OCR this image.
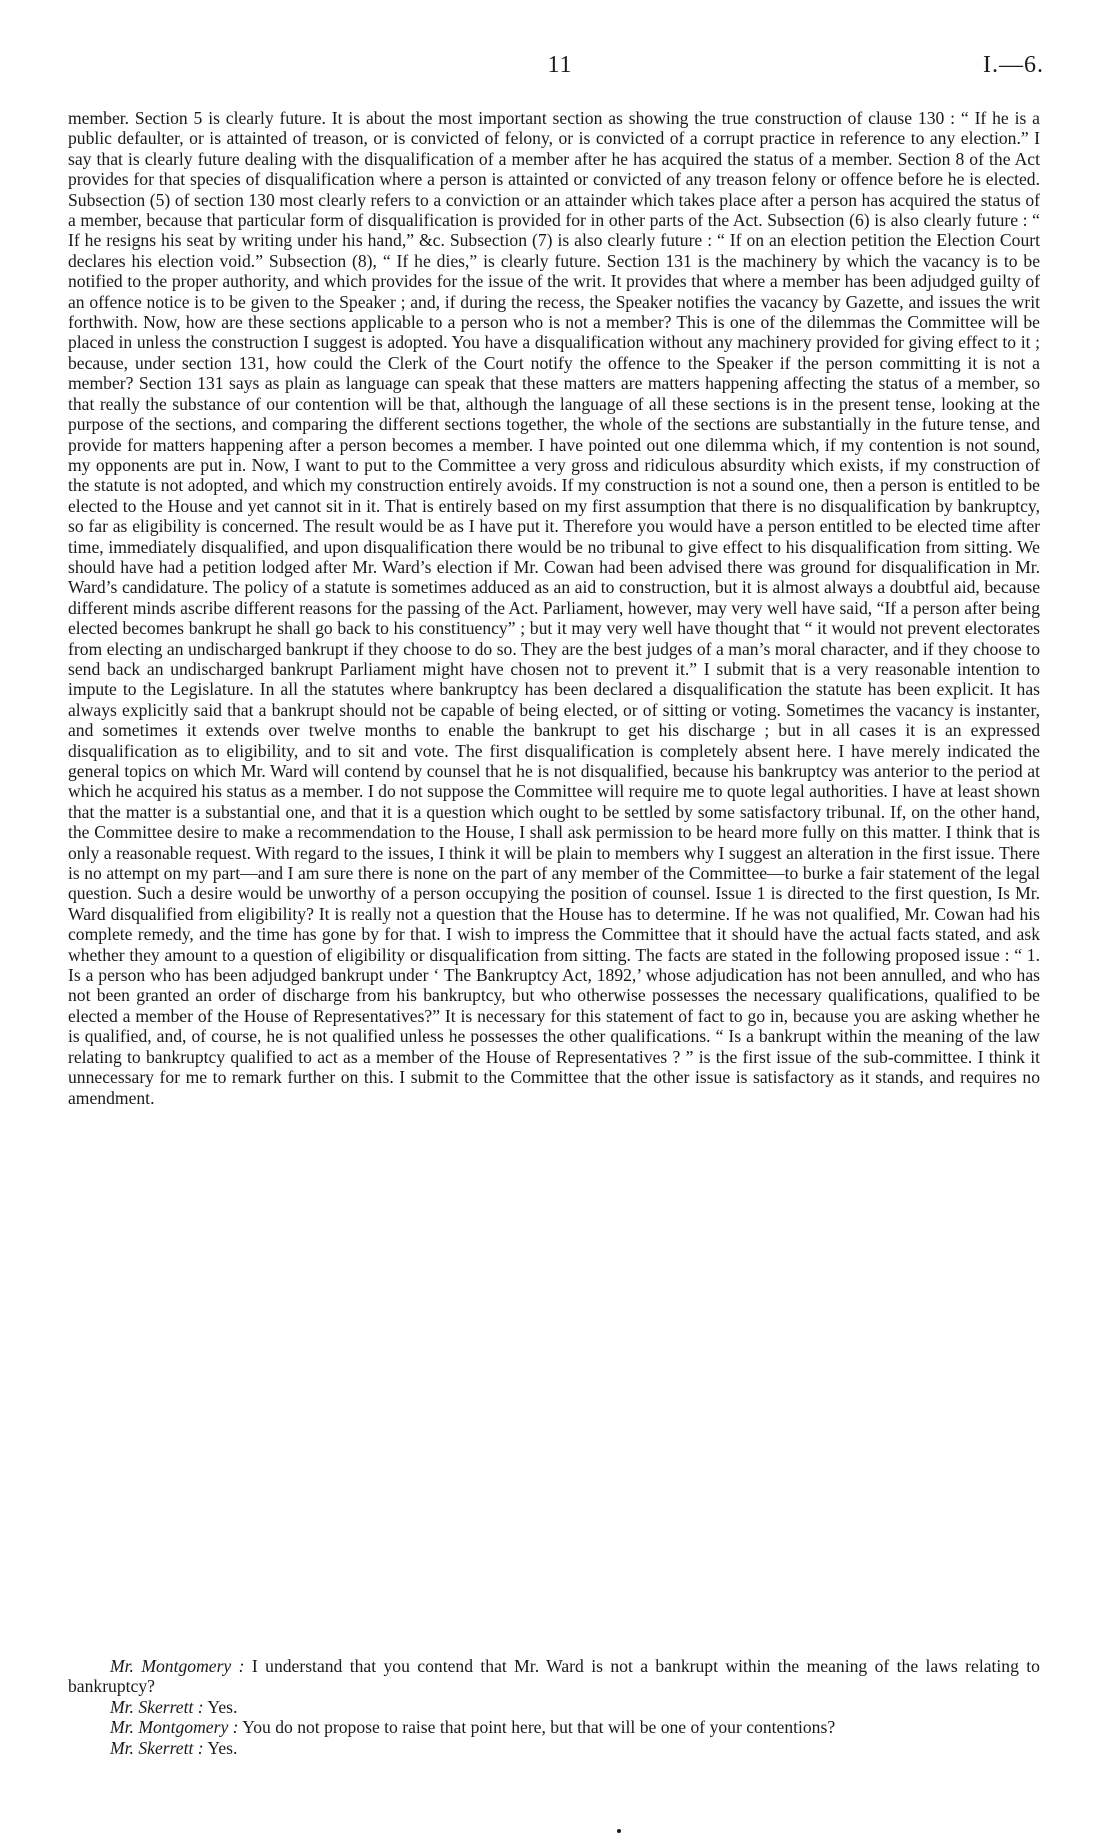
11	I.—6.

member. Section 5 is clearly future. It is about the most important section as showing the true construction of clause 130 : “ If he is a public defaulter, or is attainted of treason, or is convicted of felony, or is convicted of a corrupt practice in reference to any election.” I say that is clearly future dealing with the disqualification of a member after he has acquired the status of a member. Section 8 of the Act provides for that species of disqualification where a person is attainted or convicted of any treason felony or offence before he is elected. Subsection (5) of section 130 most clearly refers to a conviction or an attainder which takes place after a person has acquired the status of a member, because that particular form of disqualification is provided for in other parts of the Act. Subsection (6) is also clearly future : “ If he resigns his seat by writing under his hand,” &c. Subsection (7) is also clearly future : “ If on an election petition the Election Court declares his election void.” Subsection (8), “ If he dies,” is clearly future. Section 131 is the machinery by which the vacancy is to be notified to the proper authority, and which provides for the issue of the writ. It provides that where a member has been adjudged guilty of an offence notice is to be given to the Speaker ; and, if during the recess, the Speaker notifies the vacancy by Gazette, and issues the writ forthwith. Now, how are these sections applicable to a person who is not a member? This is one of the dilemmas the Committee will be placed in unless the construction I suggest is adopted. You have a disqualification without any machinery provided for giving effect to it ; because, under section 131, how could the Clerk of the Court notify the offence to the Speaker if the person committing it is not a member? Section 131 says as plain as language can speak that these matters are matters happening affecting the status of a member, so that really the substance of our contention will be that, although the language of all these sections is in the present tense, looking at the purpose of the sections, and comparing the different sections together, the whole of the sections are substantially in the future tense, and provide for matters happening after a person becomes a member. I have pointed out one dilemma which, if my contention is not sound, my opponents are put in. Now, I want to put to the Committee a very gross and ridiculous absurdity which exists, if my construction of the statute is not adopted, and which my construction entirely avoids. If my construction is not a sound one, then a person is entitled to be elected to the House and yet cannot sit in it. That is entirely based on my first assumption that there is no disqualification by bankruptcy, so far as eligibility is concerned. The result would be as I have put it. Therefore you would have a person entitled to be elected time after time, immediately disqualified, and upon disqualification there would be no tribunal to give effect to his disqualification from sitting. We should have had a petition lodged after Mr. Ward’s election if Mr. Cowan had been advised there was ground for disqualification in Mr. Ward’s candidature. The policy of a statute is sometimes adduced as an aid to construction, but it is almost always a doubtful aid, because different minds ascribe different reasons for the passing of the Act. Parliament, however, may very well have said, “If a person after being elected becomes bankrupt he shall go back to his constituency” ; but it may very well have thought that “ it would not prevent electorates from electing an undischarged bankrupt if they choose to do so. They are the best judges of a man’s moral character, and if they choose to send back an undischarged bankrupt Parliament might have chosen not to prevent it.” I submit that is a very reasonable intention to impute to the Legislature. In all the statutes where bankruptcy has been declared a disqualification the statute has been explicit. It has always explicitly said that a bankrupt should not be capable of being elected, or of sitting or voting. Sometimes the vacancy is instanter, and sometimes it extends over twelve months to enable the bankrupt to get his discharge ; but in all cases it is an expressed disqualification as to eligibility, and to sit and vote. The first disqualification is completely absent here. I have merely indicated the general topics on which Mr. Ward will contend by counsel that he is not disqualified, because his bankruptcy was anterior to the period at which he acquired his status as a member. I do not suppose the Committee will require me to quote legal authorities. I have at least shown that the matter is a substantial one, and that it is a question which ought to be settled by some satisfactory tribunal. If, on the other hand, the Committee desire to make a recommendation to the House, I shall ask permission to be heard more fully on this matter. I think that is only a reasonable request. With regard to the issues, I think it will be plain to members why I suggest an alteration in the first issue. There is no attempt on my part—and I am sure there is none on the part of any member of the Committee—to burke a fair statement of the legal question. Such a desire would be unworthy of a person occupying the position of counsel. Issue 1 is directed to the first question, Is Mr. Ward disqualified from eligibility? It is really not a question that the House has to determine. If he was not qualified, Mr. Cowan had his complete remedy, and the time has gone by for that. I wish to impress the Committee that it should have the actual facts stated, and ask whether they amount to a question of eligibility or disqualification from sitting. The facts are stated in the following proposed issue : “ 1. Is a person who has been adjudged bankrupt under ‘ The Bankruptcy Act, 1892,’ whose adjudication has not been annulled, and who has not been granted an order of discharge from his bankruptcy, but who otherwise possesses the necessary qualifications, qualified to be elected a member of the House of Representatives?” It is necessary for this statement of fact to go in, because you are asking whether he is qualified, and, of course, he is not qualified unless he possesses the other qualifications. “ Is a bankrupt within the meaning of the law relating to bankruptcy qualified to act as a member of the House of Representatives ? ” is the first issue of the sub-committee. I think it unnecessary for me to remark further on this. I submit to the Committee that the other issue is satisfactory as it stands, and requires no amendment.

Mr. Montgomery : I understand that you contend that Mr. Ward is not a bankrupt within the meaning of the laws relating to bankruptcy?

Mr. Skerrett : Yes.

Mr. Montgomery : You do not propose to raise that point here, but that will be one of your contentions?

Mr. Skerrett : Yes.
